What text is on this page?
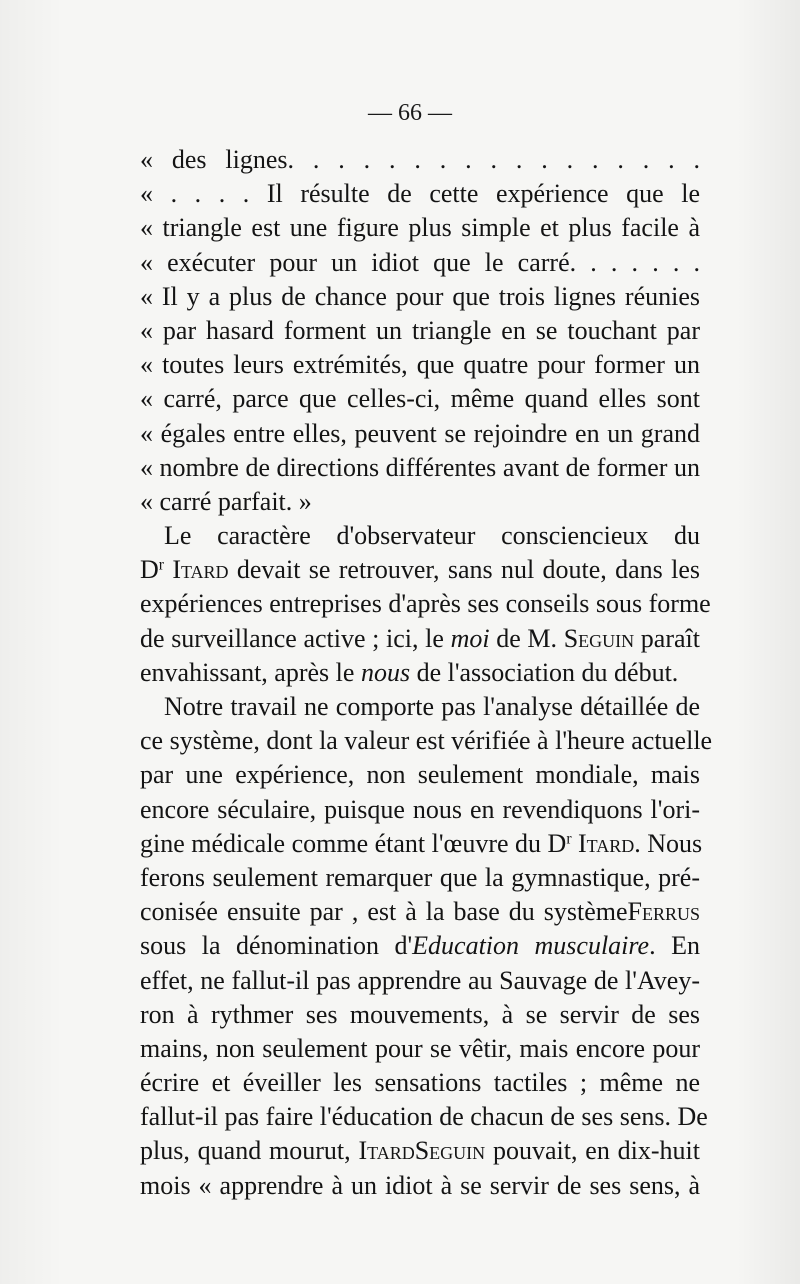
— 66 —
« des lignes. . . . . . . . . . . . . . . . .
« . . . . Il résulte de cette expérience que le
« triangle est une figure plus simple et plus facile à
« exécuter pour un idiot que le carré. . . . . . .
« Il y a plus de chance pour que trois lignes réunies
« par hasard forment un triangle en se touchant par
« toutes leurs extrémités, que quatre pour former un
« carré, parce que celles-ci, même quand elles sont
« égales entre elles, peuvent se rejoindre en un grand
« nombre de directions différentes avant de former un
« carré parfait. »
Le caractère d'observateur consciencieux du
$D^r$ Itard devait se retrouver, sans nul doute, dans les
expériences entreprises d'après ses conseils sous forme
de surveillance active ; ici, le moi de M. Seguin paraît
envahissant, après le nous de l'association du début.
Notre travail ne comporte pas l'analyse détaillée de
ce système, dont la valeur est vérifiée à l'heure actuelle
par une expérience, non seulement mondiale, mais
encore séculaire, puisque nous en revendiquons l'ori-
gine médicale comme étant l'œuvre du $D^r$ Itard. Nous
ferons seulement remarquer que la gymnastique, pré-
conisée ensuite par , est à la base du systèmeFerrus
sous la dénomination d'Education musculaire. En
effet, ne fallut-il pas apprendre au Sauvage de l'Avey-
ron à rythmer ses mouvements, à se servir de ses
mains, non seulement pour se vêtir, mais encore pour
écrire et éveiller les sensations tactiles ; même ne
fallut-il pas faire l'éducation de chacun de ses sens. De
plus, quand mourut, ItardSeguin pouvait, en dix-huit
mois « apprendre à un idiot à se servir de ses sens, à
